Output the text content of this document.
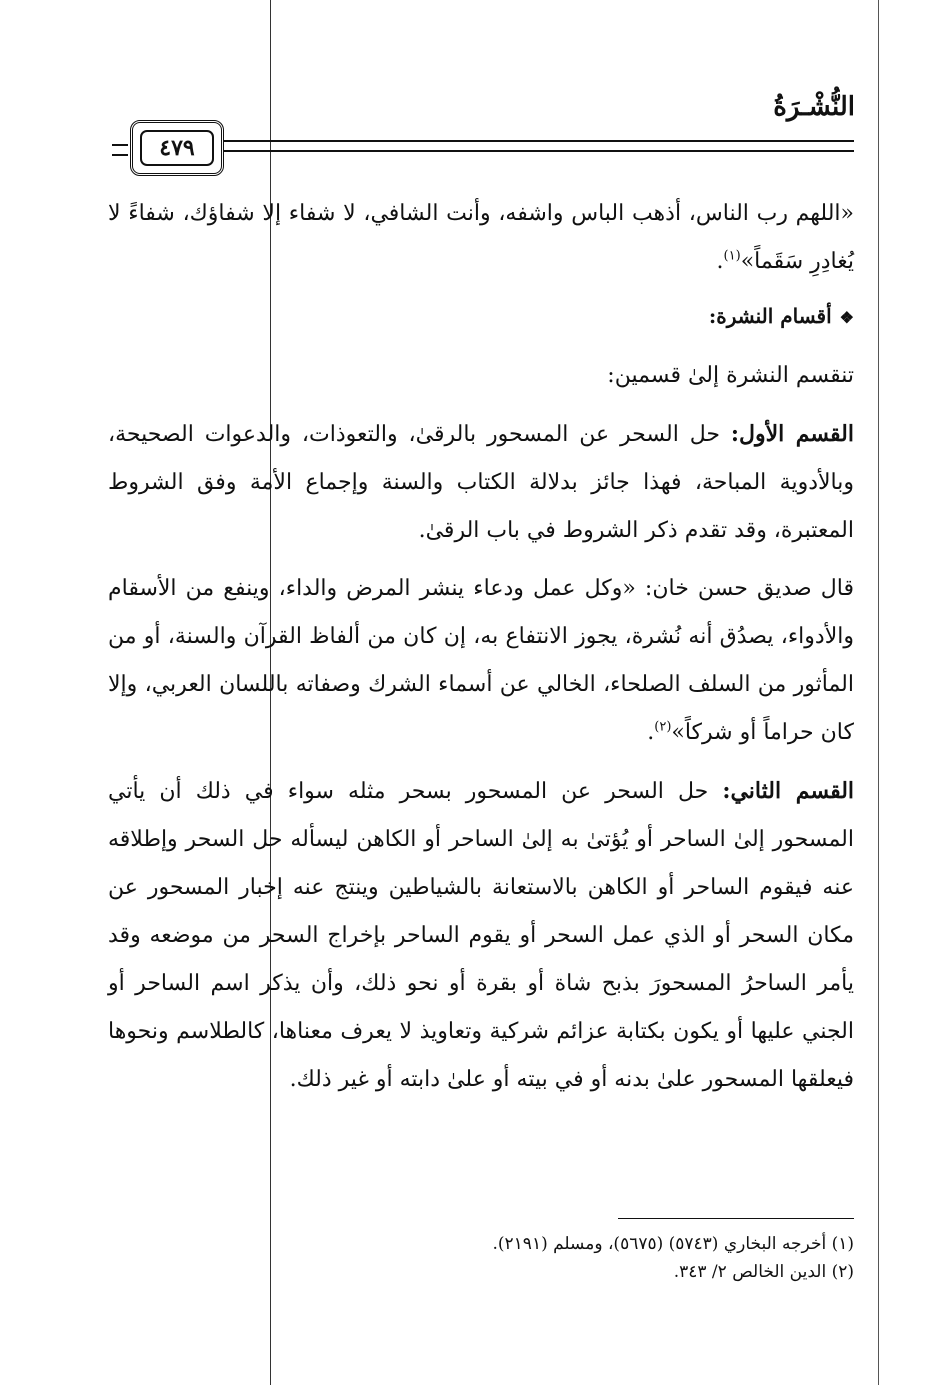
النُّشْـرَةُ
٤٧٩

«اللهم رب الناس، أذهب الباس واشفه، وأنت الشافي، لا شفاء إلا شفاؤك، شفاءً لا يُغادِرِ سَقَماً»$^{(١)}$.

❖أقسام النشرة:

تنقسم النشرة إلىٰ قسمين:

القسم الأول: حل السحر عن المسحور بالرقىٰ، والتعوذات، والدعوات الصحيحة، وبالأدوية المباحة، فهذا جائز بدلالة الكتاب والسنة وإجماع الأمة وفق الشروط المعتبرة، وقد تقدم ذكر الشروط في باب الرقىٰ.

قال صديق حسن خان: «وكل عمل ودعاء ينشر المرض والداء، وينفع من الأسقام والأدواء، يصدُق أنه نُشرة، يجوز الانتفاع به، إن كان من ألفاظ القرآن والسنة، أو من المأثور من السلف الصلحاء، الخالي عن أسماء الشرك وصفاته باللسان العربي، وإلا كان حراماً أو شركاً»$^{(٢)}$.

القسم الثاني: حل السحر عن المسحور بسحر مثله سواء في ذلك أن يأتي المسحور إلىٰ الساحر أو يُؤتىٰ به إلىٰ الساحر أو الكاهن ليسأله حل السحر وإطلاقه عنه فيقوم الساحر أو الكاهن بالاستعانة بالشياطين وينتج عنه إخبار المسحور عن مكان السحر أو الذي عمل السحر أو يقوم الساحر بإخراج السحر من موضعه وقد يأمر الساحرُ المسحورَ بذبح شاة أو بقرة أو نحو ذلك، وأن يذكر اسم الساحر أو الجني عليها أو يكون بكتابة عزائم شركية وتعاويذ لا يعرف معناها، كالطلاسم ونحوها فيعلقها المسحور علىٰ بدنه أو في بيته أو علىٰ دابته أو غير ذلك.

(١) أخرجه البخاري (٥٧٤٣) (٥٦٧٥)، ومسلم (٢١٩١).
(٢) الدين الخالص ٢/ ٣٤٣.
